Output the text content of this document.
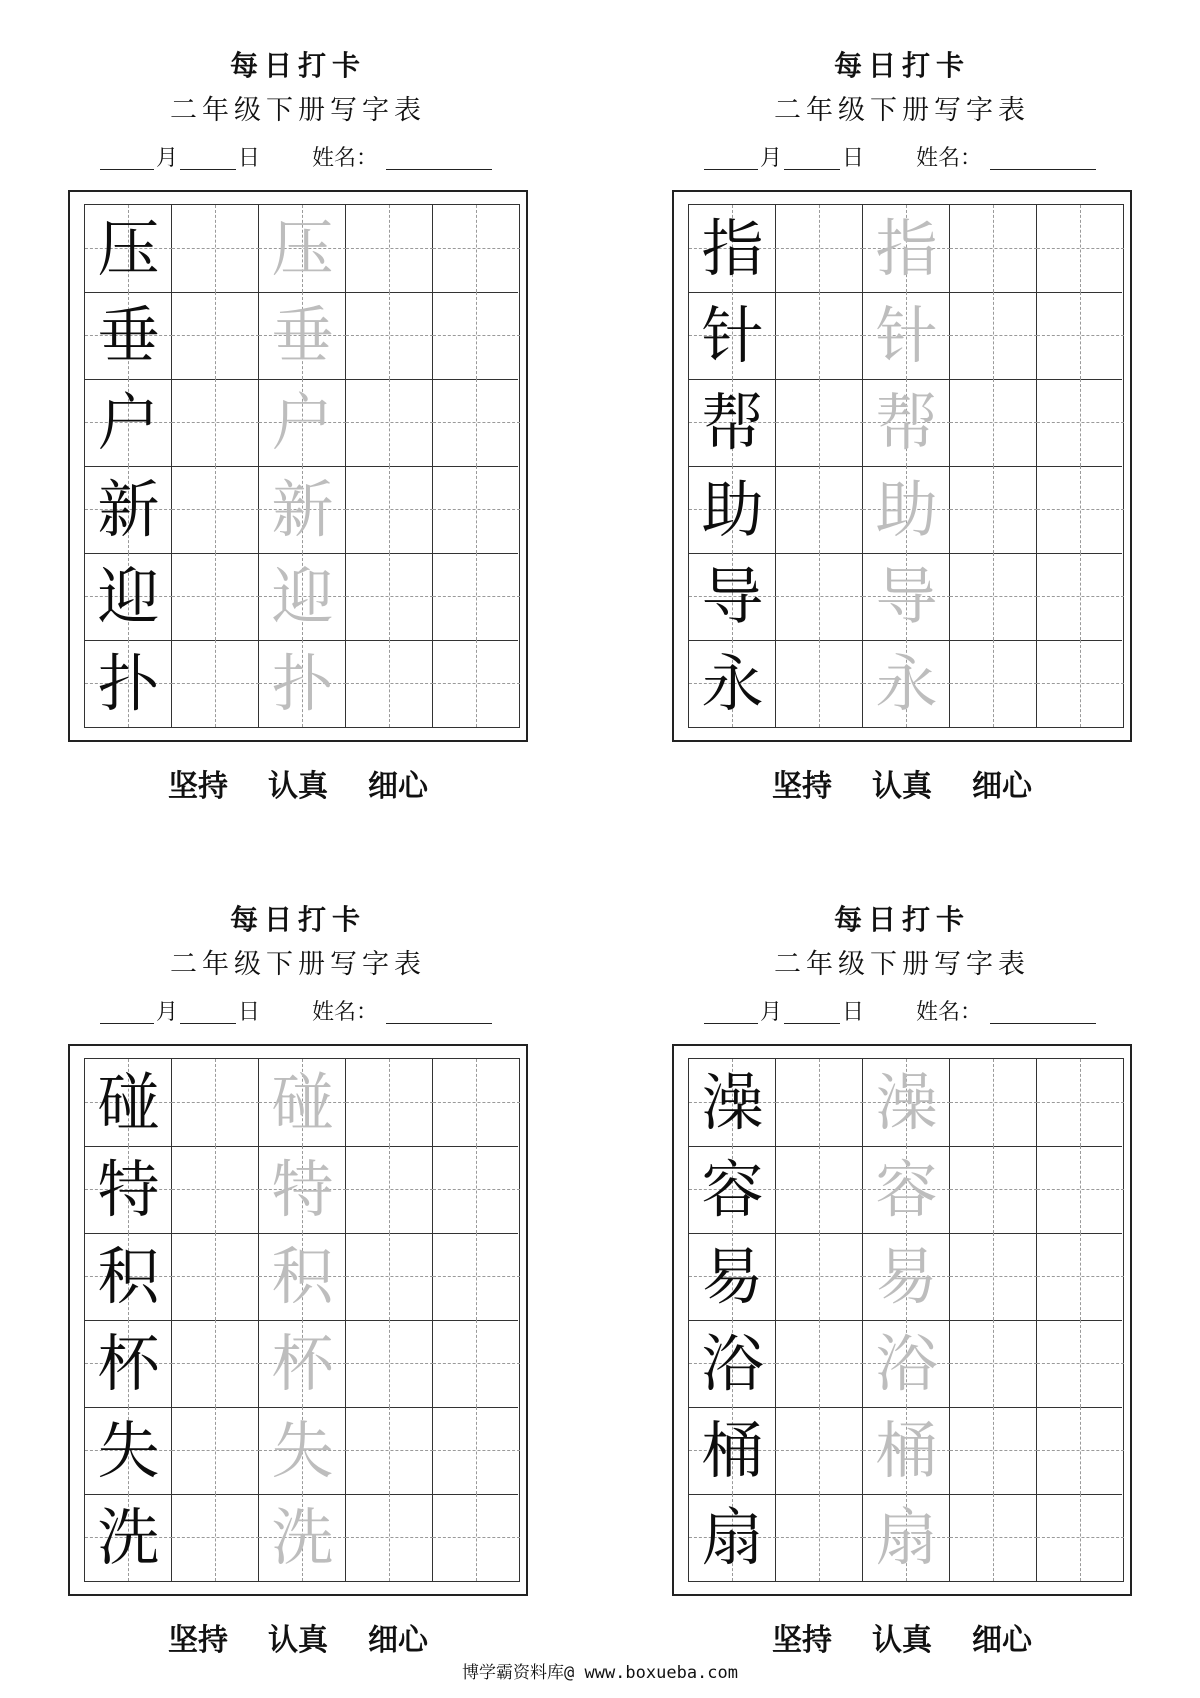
每日打卡
二年级下册写字表
月	日 姓名：
压 压
垂 垂
户 户
新 新
迎 迎
扑 扑
坚持 认真 细心
每日打卡
二年级下册写字表
月	日 姓名：
指 指
针 针
帮 帮
助 助
导 导
永 永
坚持 认真 细心
每日打卡
二年级下册写字表
月	日 姓名：
碰 碰
特 特
积 积
杯 杯
失 失
洗 洗
坚持 认真 细心
每日打卡
二年级下册写字表
月	日 姓名：
澡 澡
容 容
易 易
浴 浴
桶 桶
扇 扇
坚持 认真 细心
博学霸资料库@ www.boxueba.com
